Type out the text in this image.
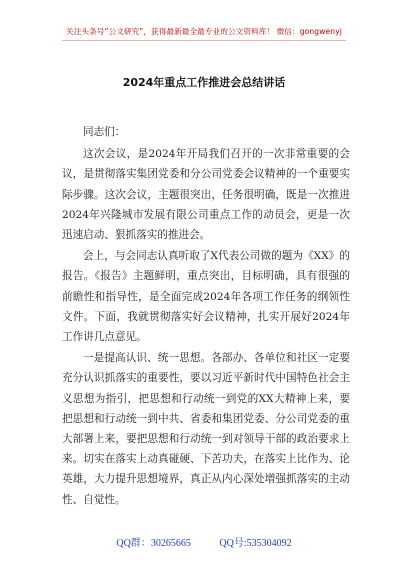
关注头条号“公文研究”，获得最新最全最专业的公文资料库！ 微信：gongwenyj
2024年重点工作推进会总结讲话

同志们：

这次会议，是2024年开局我们召开的一次非常重要的会议，是贯彻落实集团党委和分公司党委会议精神的一个重要实际步骤。这次会议，主题很突出，任务很明确，既是一次推进2024年兴隆城市发展有限公司重点工作的动员会，更是一次迅速启动、狠抓落实的推进会。

会上，与会同志认真听取了X代表公司做的题为《XX》的报告。《报告》主题鲜明，重点突出，目标明确，具有很强的前瞻性和指导性，是全面完成2024年各项工作任务的纲领性文件。下面，我就贯彻落实好会议精神，扎实开展好2024年工作讲几点意见。

一是提高认识、统一思想。各部办、各单位和社区一定要充分认识抓落实的重要性，要以习近平新时代中国特色社会主义思想为指引，把思想和行动统一到党的XX大精神上来，要把思想和行动统一到中共、省委和集团党委、分公司党委的重大部署上来，要把思想和行动统一到对领导干部的政治要求上来。切实在落实上动真碰硬、下苦功夫，在落实上比作为、论英雄，大力提升思想境界，真正从内心深处增强抓落实的主动性、自觉性。

QQ群：30265665	QQ号:535304092
